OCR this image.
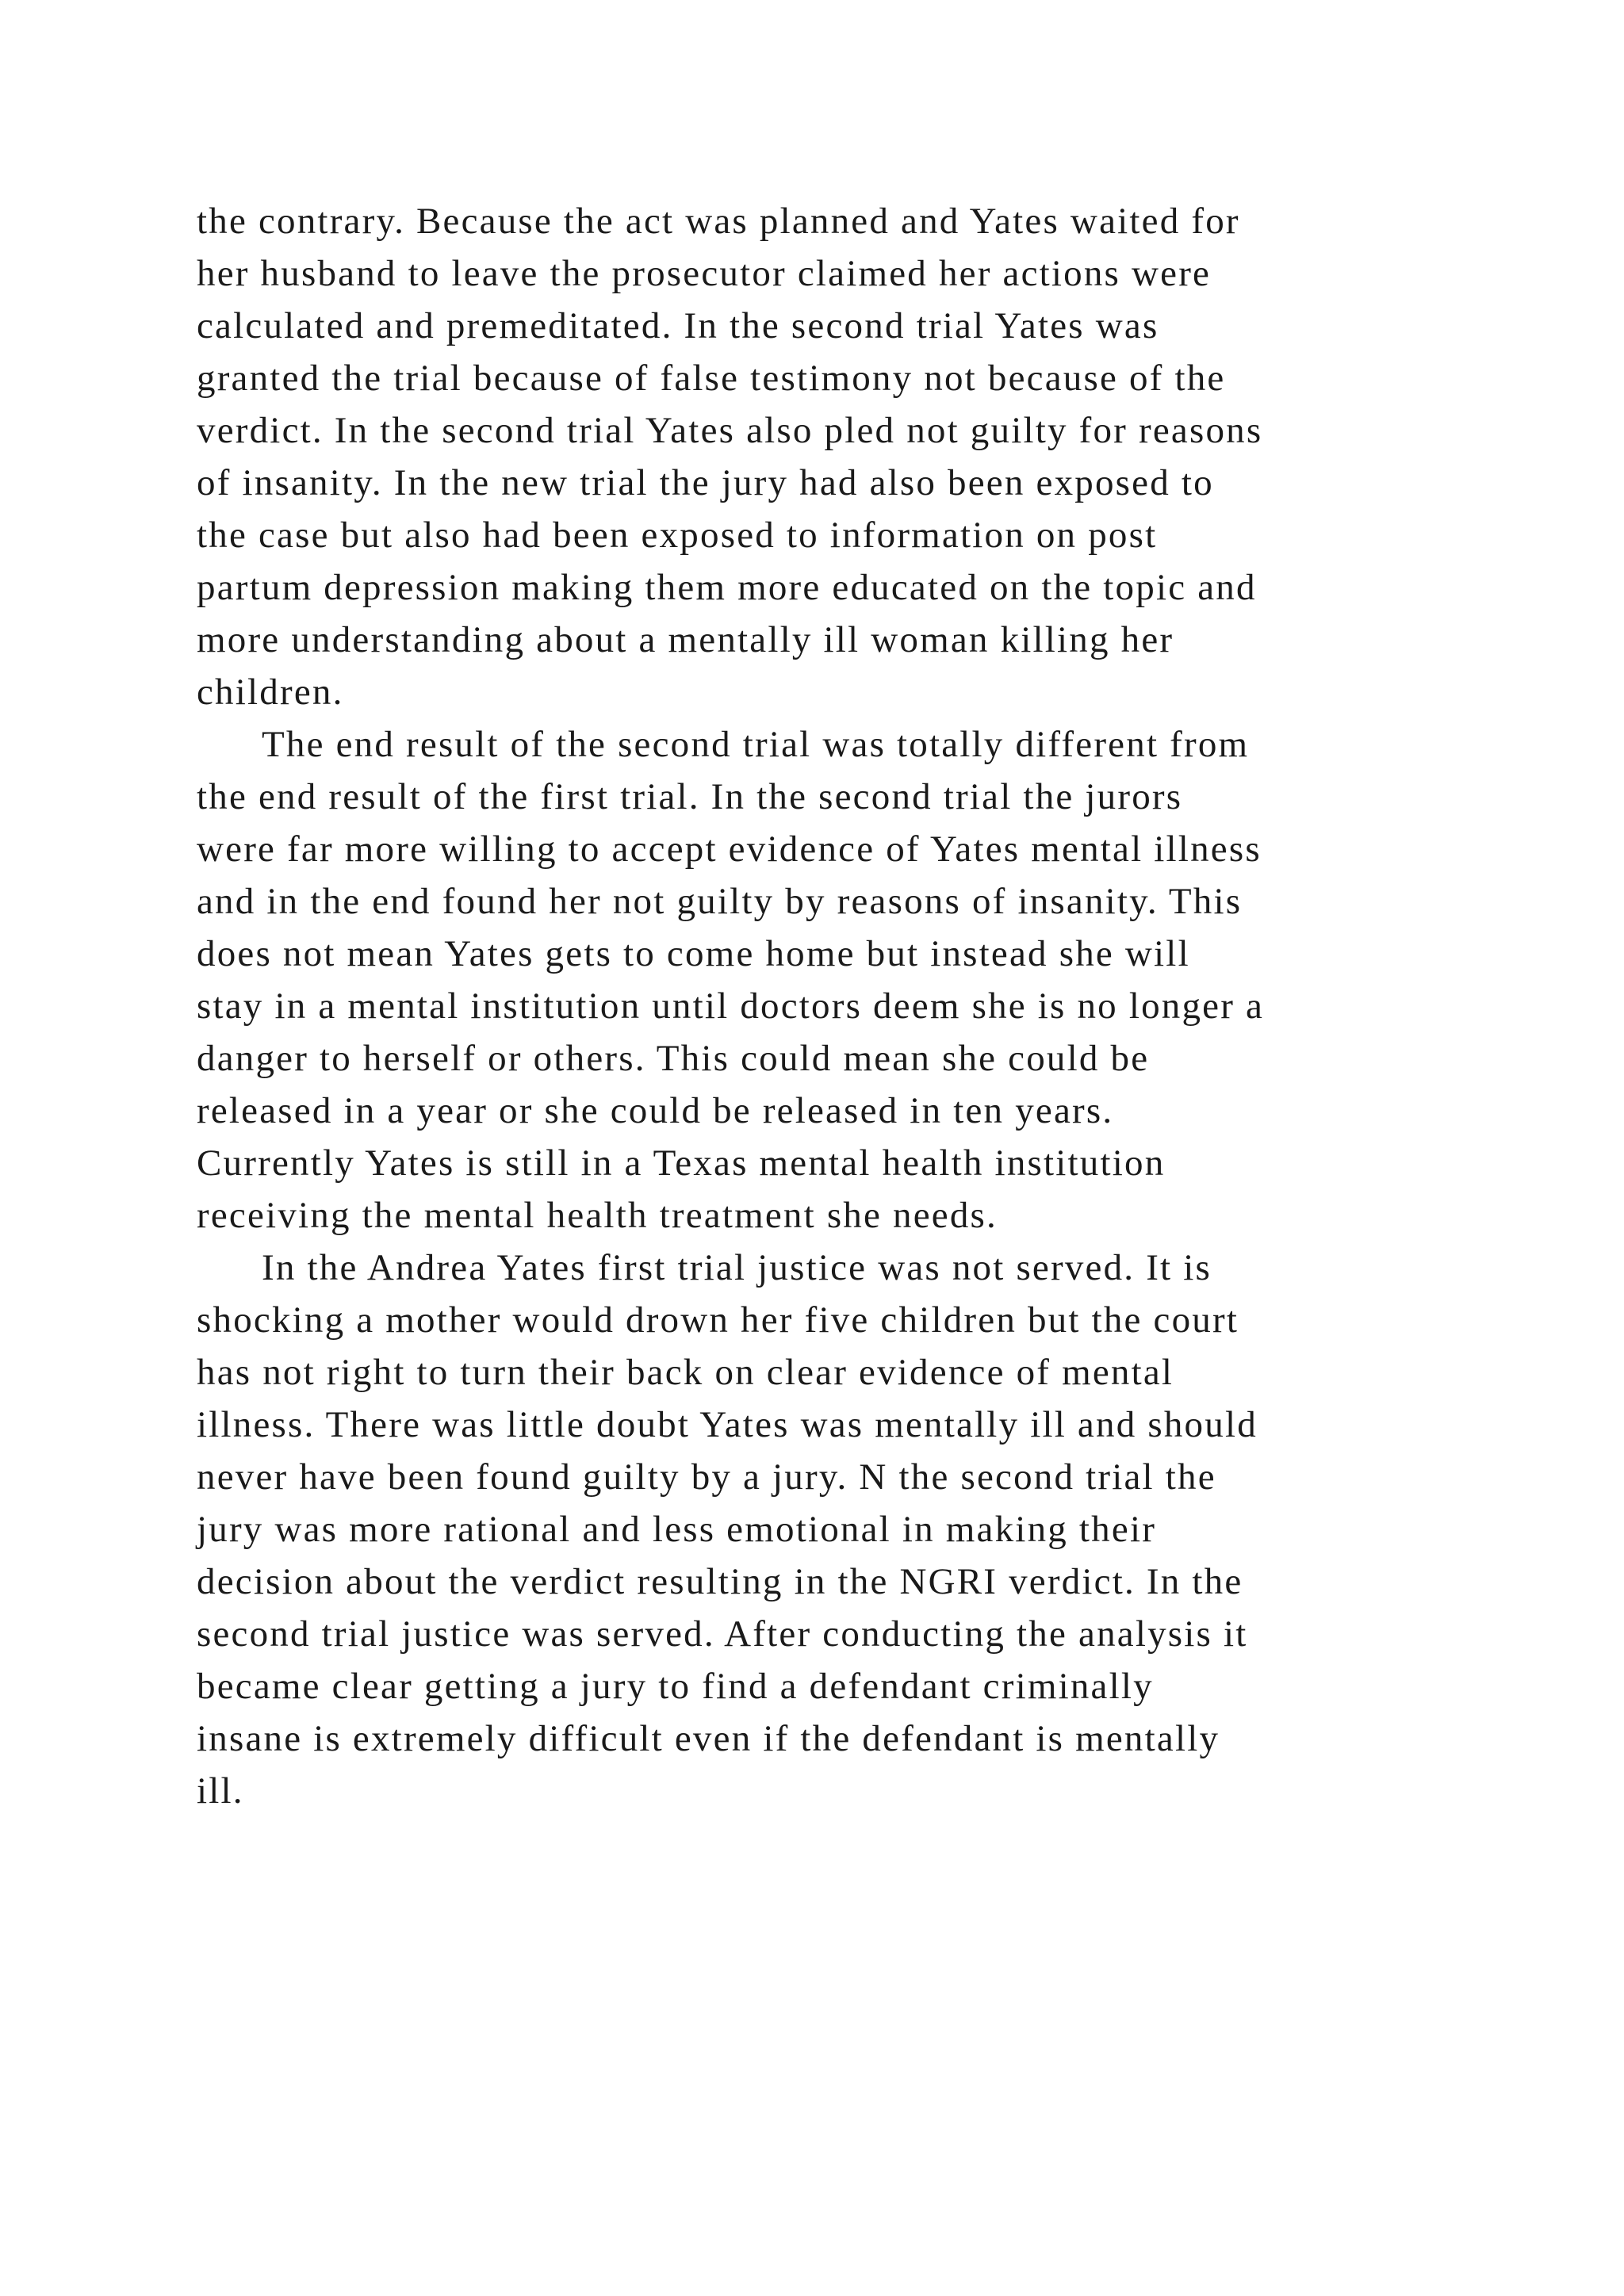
the contrary. Because the act was planned and Yates waited for
her husband to leave the prosecutor claimed her actions were
calculated and premeditated. In the second trial Yates was
granted the trial because of false testimony not because of the
verdict. In the second trial Yates also pled not guilty for reasons
of insanity. In the new trial the jury had also been exposed to
the case but also had been exposed to information on post
partum depression making them more educated on the topic and
more understanding about a mentally ill woman killing her
children.
The end result of the second trial was totally different from
the end result of the first trial. In the second trial the jurors
were far more willing to accept evidence of Yates mental illness
and in the end found her not guilty by reasons of insanity. This
does not mean Yates gets to come home but instead she will
stay in a mental institution until doctors deem she is no longer a
danger to herself or others. This could mean she could be
released in a year or she could be released in ten years.
Currently Yates is still in a Texas mental health institution
receiving the mental health treatment she needs.
In the Andrea Yates first trial justice was not served. It is
shocking a mother would drown her five children but the court
has not right to turn their back on clear evidence of mental
illness. There was little doubt Yates was mentally ill and should
never have been found guilty by a jury. N the second trial the
jury was more rational and less emotional in making their
decision about the verdict resulting in the NGRI verdict. In the
second trial justice was served. After conducting the analysis it
became clear getting a jury to find a defendant criminally
insane is extremely difficult even if the defendant is mentally
ill.
